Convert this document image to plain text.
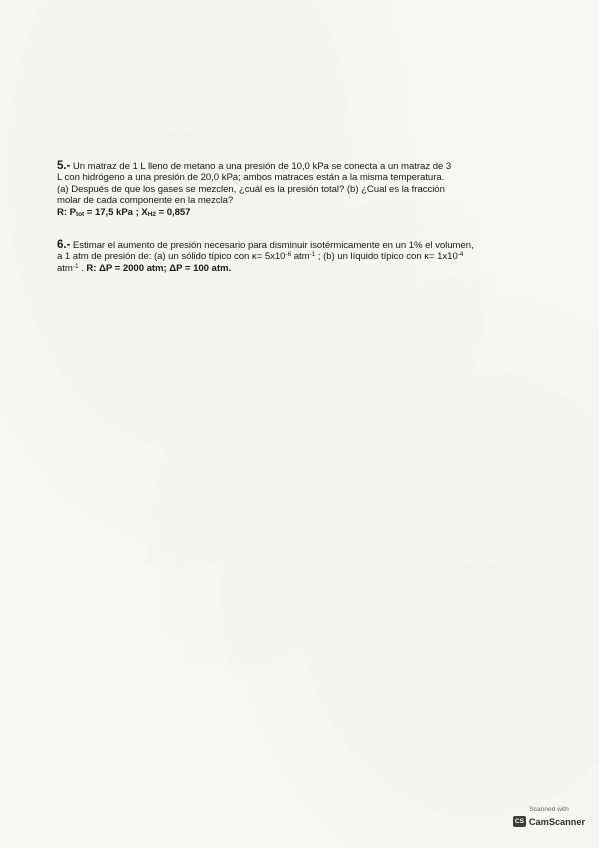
5.- Un matraz de 1 L lleno de metano a una presión de 10,0 kPa se conecta a un matraz de 3
L con hidrógeno a una presión de 20,0 kPa; ambos matraces están a la misma temperatura.
(a) Después de que los gases se mezclen, ¿cuál es la presión total? (b) ¿Cual es la fracción
molar de cada componente en la mezcla?
R: $P_{tot} = 17,5$ kPa ; $X_{H2} = 0,857$
6.- Estimar el aumento de presión necesario para disminuir isotérmicamente en un 1% el volumen,
a 1 atm de presión de: (a) un sólido típico con $\kappa= 5x10^{-6}$ atm$^{-1}$ ; (b) un líquido típico con $\kappa= 1x10^{-4}$
atm$^{-1}$ . R: ΔP = 2000 atm; ΔP = 100 atm.
Scanned with
CS CamScanner
